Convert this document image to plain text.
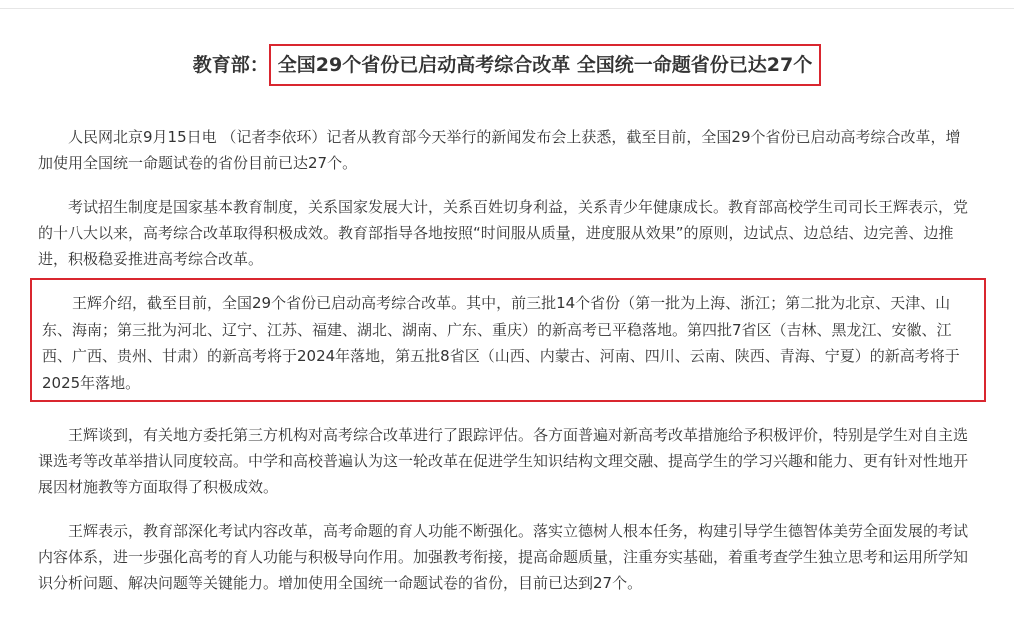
教育部： 全国29个省份已启动高考综合改革 全国统一命题省份已达27个

人民网北京9月15日电 （记者李依环）记者从教育部今天举行的新闻发布会上获悉，截至目前，全国29个省份已启动高考综合改革，增加使用全国统一命题试卷的省份目前已达27个。

考试招生制度是国家基本教育制度，关系国家发展大计，关系百姓切身利益，关系青少年健康成长。教育部高校学生司司长王辉表示，党的十八大以来，高考综合改革取得积极成效。教育部指导各地按照“时间服从质量，进度服从效果”的原则，边试点、边总结、边完善、边推进，积极稳妥推进高考综合改革。

王辉介绍，截至目前，全国29个省份已启动高考综合改革。其中，前三批14个省份（第一批为上海、浙江；第二批为北京、天津、山东、海南；第三批为河北、辽宁、江苏、福建、湖北、湖南、广东、重庆）的新高考已平稳落地。第四批7省区（吉林、黑龙江、安徽、江西、广西、贵州、甘肃）的新高考将于2024年落地，第五批8省区（山西、内蒙古、河南、四川、云南、陕西、青海、宁夏）的新高考将于2025年落地。

王辉谈到，有关地方委托第三方机构对高考综合改革进行了跟踪评估。各方面普遍对新高考改革措施给予积极评价，特别是学生对自主选课选考等改革举措认同度较高。中学和高校普遍认为这一轮改革在促进学生知识结构文理交融、提高学生的学习兴趣和能力、更有针对性地开展因材施教等方面取得了积极成效。

王辉表示，教育部深化考试内容改革，高考命题的育人功能不断强化。落实立德树人根本任务，构建引导学生德智体美劳全面发展的考试内容体系，进一步强化高考的育人功能与积极导向作用。加强教考衔接，提高命题质量，注重夯实基础，着重考查学生独立思考和运用所学知识分析问题、解决问题等关键能力。增加使用全国统一命题试卷的省份，目前已达到27个。
